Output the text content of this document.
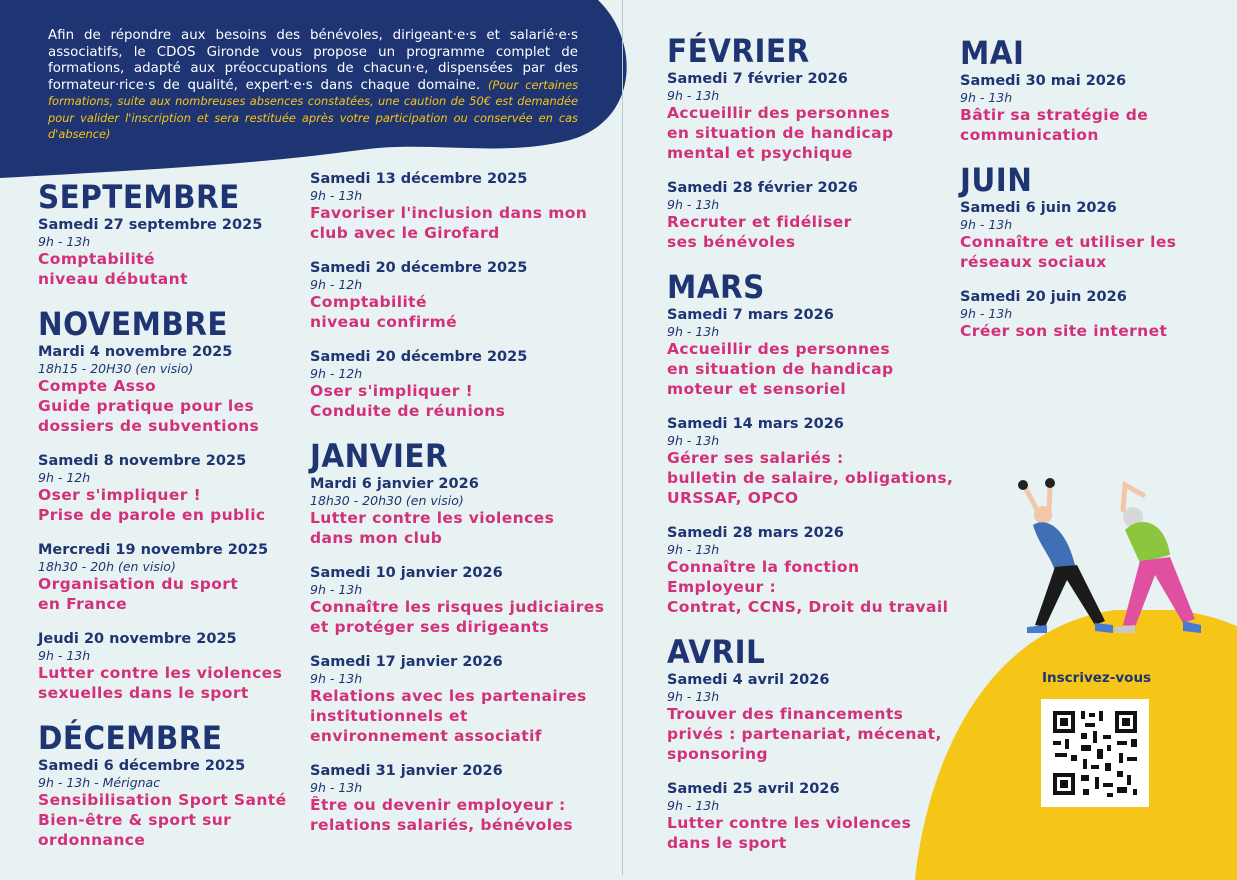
Afin de répondre aux besoins des bénévoles, dirigeant·e·s et salarié·e·s associatifs, le CDOS Gironde vous propose un programme complet de formations, adapté aux préoccupations de chacun·e, dispensées par des formateur·rice·s de qualité, expert·e·s dans chaque domaine. (Pour certaines formations, suite aux nombreuses absences constatées, une caution de 50€ est demandée pour valider l'inscription et sera restituée après votre participation ou conservée en cas d'absence)
SEPTEMBRE
Samedi 27 septembre 2025
9h - 13h
Comptabilité
niveau débutant
NOVEMBRE
Mardi 4 novembre 2025
18h15 - 20H30 (en visio)
Compte Asso
Guide pratique pour les
dossiers de subventions
Samedi 8 novembre 2025
9h - 12h
Oser s'impliquer !
Prise de parole en public
Mercredi 19 novembre 2025
18h30 - 20h (en visio)
Organisation du sport
en France
Jeudi 20 novembre 2025
9h - 13h
Lutter contre les violences
sexuelles dans le sport
DÉCEMBRE
Samedi 6 décembre 2025
9h - 13h - Mérignac
Sensibilisation Sport Santé
Bien-être & sport sur
ordonnance
Samedi 13 décembre 2025
9h - 13h
Favoriser l'inclusion dans mon
club avec le Girofard
Samedi 20 décembre 2025
9h - 12h
Comptabilité
niveau confirmé
Samedi 20 décembre 2025
9h - 12h
Oser s'impliquer !
Conduite de réunions
JANVIER
Mardi 6 janvier 2026
18h30 - 20h30 (en visio)
Lutter contre les violences
dans mon club
Samedi 10 janvier 2026
9h - 13h
Connaître les risques judiciaires
et protéger ses dirigeants
Samedi 17 janvier 2026
9h - 13h
Relations avec les partenaires
institutionnels et
environnement associatif
Samedi 31 janvier 2026
9h - 13h
Être ou devenir employeur :
relations salariés, bénévoles
FÉVRIER
Samedi 7 février 2026
9h - 13h
Accueillir des personnes
en situation de handicap
mental et psychique
Samedi 28 février 2026
9h - 13h
Recruter et fidéliser
ses bénévoles
MARS
Samedi 7 mars 2026
9h - 13h
Accueillir des personnes
en situation de handicap
moteur et sensoriel
Samedi 14 mars 2026
9h - 13h
Gérer ses salariés :
bulletin de salaire, obligations,
URSSAF, OPCO
Samedi 28 mars 2026
9h - 13h
Connaître la fonction Employeur :
Contrat, CCNS, Droit du travail
AVRIL
Samedi 4 avril 2026
9h - 13h
Trouver des financements
privés : partenariat, mécenat,
sponsoring
Samedi 25 avril 2026
9h - 13h
Lutter contre les violences
dans le sport
MAI
Samedi 30 mai 2026
9h - 13h
Bâtir sa stratégie de
communication
JUIN
Samedi 6 juin 2026
9h - 13h
Connaître et utiliser les
réseaux sociaux
Samedi 20 juin 2026
9h - 13h
Créer son site internet
Inscrivez-vous
